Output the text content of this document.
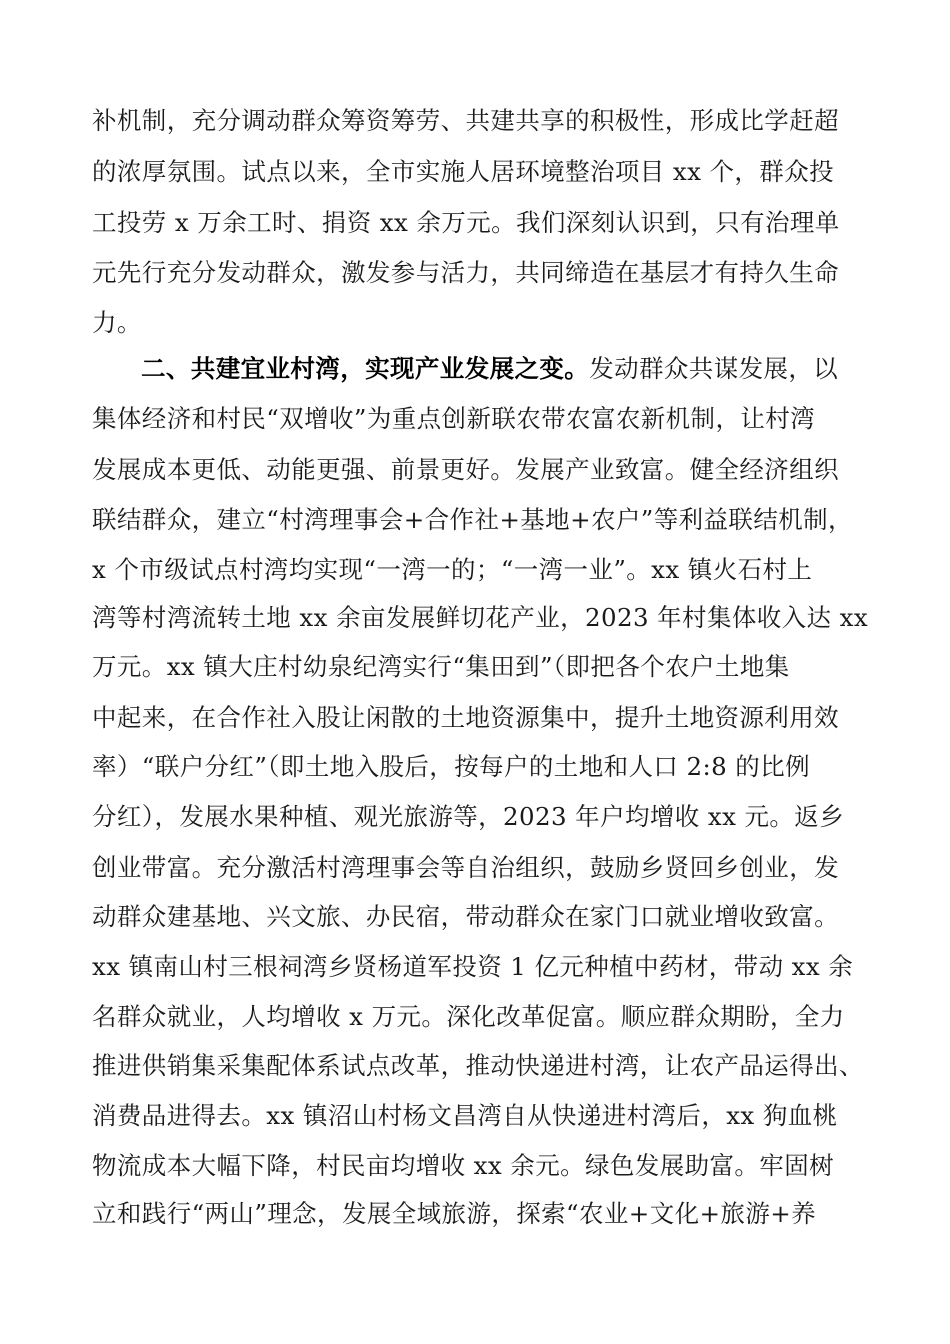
补机制，充分调动群众筹资筹劳、共建共享的积极性，形成比学赶超
的浓厚氛围。试点以来，全市实施人居环境整治项目 xx 个，群众投
工投劳 x 万余工时、捐资 xx 余万元。我们深刻认识到，只有治理单
元先行充分发动群众，激发参与活力，共同缔造在基层才有持久生命
力。
二、共建宜业村湾，实现产业发展之变。发动群众共谋发展，以
集体经济和村民“双增收”为重点创新联农带农富农新机制，让村湾
发展成本更低、动能更强、前景更好。发展产业致富。健全经济组织
联结群众，建立“村湾理事会+合作社+基地+农户”等利益联结机制，
x 个市级试点村湾均实现“一湾一的；“一湾一业”。xx 镇火石村上
湾等村湾流转土地 xx 余亩发展鲜切花产业，2023 年村集体收入达 xx
万元。xx 镇大庄村幼泉纪湾实行“集田到”（即把各个农户土地集
中起来，在合作社入股让闲散的土地资源集中，提升土地资源利用效
率）“联户分红”（即土地入股后，按每户的土地和人口 2:8 的比例
分红），发展水果种植、观光旅游等，2023 年户均增收 xx 元。返乡
创业带富。充分激活村湾理事会等自治组织，鼓励乡贤回乡创业，发
动群众建基地、兴文旅、办民宿，带动群众在家门口就业增收致富。
xx 镇南山村三根祠湾乡贤杨道军投资 1 亿元种植中药材，带动 xx 余
名群众就业，人均增收 x 万元。深化改革促富。顺应群众期盼，全力
推进供销集采集配体系试点改革，推动快递进村湾，让农产品运得出、
消费品进得去。xx 镇沼山村杨文昌湾自从快递进村湾后，xx 狗血桃
物流成本大幅下降，村民亩均增收 xx 余元。绿色发展助富。牢固树
立和践行“两山”理念，发展全域旅游，探索“农业+文化+旅游+养
